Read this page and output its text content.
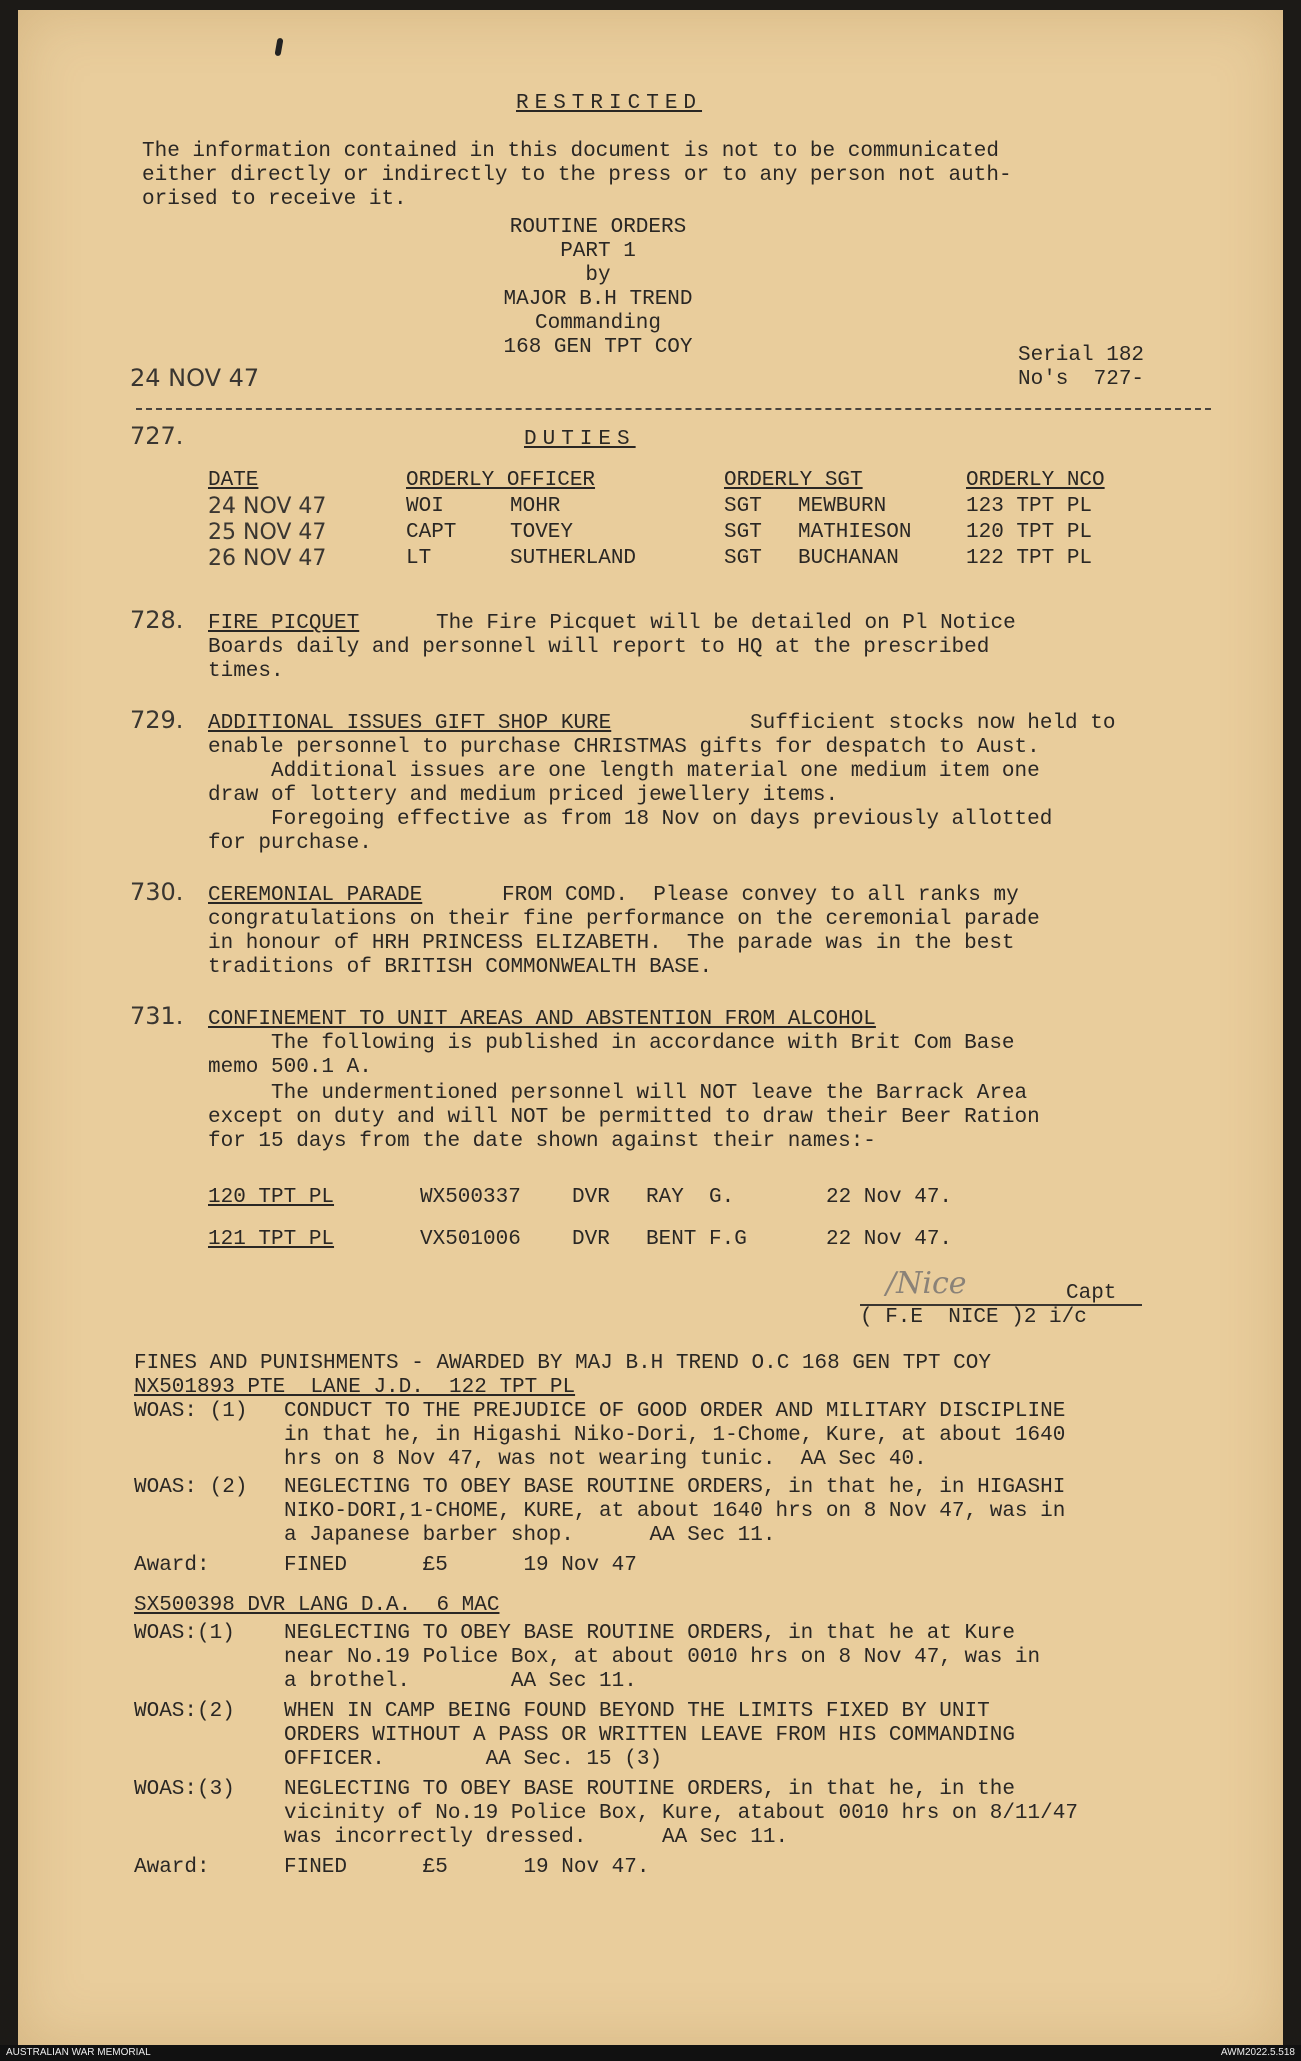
RESTRICTED
The information contained in this document is not to be communicated
either directly or indirectly to the press or to any person not auth-
orised to receive it.
ROUTINE ORDERS
PART 1
by
MAJOR B.H TREND
Commanding
168 GEN TPT COY
24 NOV 47
Serial 182
No's  727-
727.	DUTIES
DATE	ORDERLY OFFICER	ORDERLY SGT	ORDERLY NCO
24 NOV 47	WOI	MOHR	SGT	MEWBURN	123 TPT PL
25 NOV 47	CAPT	TOVEY	SGT	MATHIESON	120 TPT PL
26 NOV 47	LT	SUTHERLAND	SGT	BUCHANAN	122 TPT PL
728. FIRE PICQUET	The Fire Picquet will be detailed on Pl Notice
Boards daily and personnel will report to HQ at the prescribed
times.
729. ADDITIONAL ISSUES GIFT SHOP KURE	Sufficient stocks now held to
enable personnel to purchase CHRISTMAS gifts for despatch to Aust.
Additional issues are one length material one medium item one
draw of lottery and medium priced jewellery items.
Foregoing effective as from 18 Nov on days previously allotted
for purchase.
730. CEREMONIAL PARADE	FROM COMD.  Please convey to all ranks my
congratulations on their fine performance on the ceremonial parade
in honour of HRH PRINCESS ELIZABETH.  The parade was in the best
traditions of BRITISH COMMONWEALTH BASE.
731. CONFINEMENT TO UNIT AREAS AND ABSTENTION FROM ALCOHOL
The following is published in accordance with Brit Com Base
memo 500.1 A.
The undermentioned personnel will NOT leave the Barrack Area
except on duty and will NOT be permitted to draw their Beer Ration
for 15 days from the date shown against their names:-
120 TPT PL	WX500337 DVR RAY  G.	22 Nov 47.
121 TPT PL	VX501006 DVR BENT F.G	22 Nov 47.
/Nice	Capt
( F.E  NICE )2 i/c
FINES AND PUNISHMENTS - AWARDED BY MAJ B.H TREND O.C 168 GEN TPT COY
NX501893 PTE  LANE J.D.  122 TPT PL
WOAS: (1) CONDUCT TO THE PREJUDICE OF GOOD ORDER AND MILITARY DISCIPLINE
in that he, in Higashi Niko-Dori, 1-Chome, Kure, at about 1640
hrs on 8 Nov 47, was not wearing tunic.  AA Sec 40.
WOAS: (2) NEGLECTING TO OBEY BASE ROUTINE ORDERS, in that he, in HIGASHI
NIKO-DORI,1-CHOME, KURE, at about 1640 hrs on 8 Nov 47, was in
a Japanese barber shop.      AA Sec 11.
Award:	FINED      £5      19 Nov 47
SX500398 DVR LANG D.A.  6 MAC
WOAS:(1) NEGLECTING TO OBEY BASE ROUTINE ORDERS, in that he at Kure
near No.19 Police Box, at about 0010 hrs on 8 Nov 47, was in
a brothel.        AA Sec 11.
WOAS:(2) WHEN IN CAMP BEING FOUND BEYOND THE LIMITS FIXED BY UNIT
ORDERS WITHOUT A PASS OR WRITTEN LEAVE FROM HIS COMMANDING
OFFICER.        AA Sec. 15 (3)
WOAS:(3) NEGLECTING TO OBEY BASE ROUTINE ORDERS, in that he, in the
vicinity of No.19 Police Box, Kure, atabout 0010 hrs on 8/11/47
was incorrectly dressed.      AA Sec 11.
Award:	FINED      £5      19 Nov 47.
AUSTRALIAN WAR MEMORIAL	AWM2022.5.518
